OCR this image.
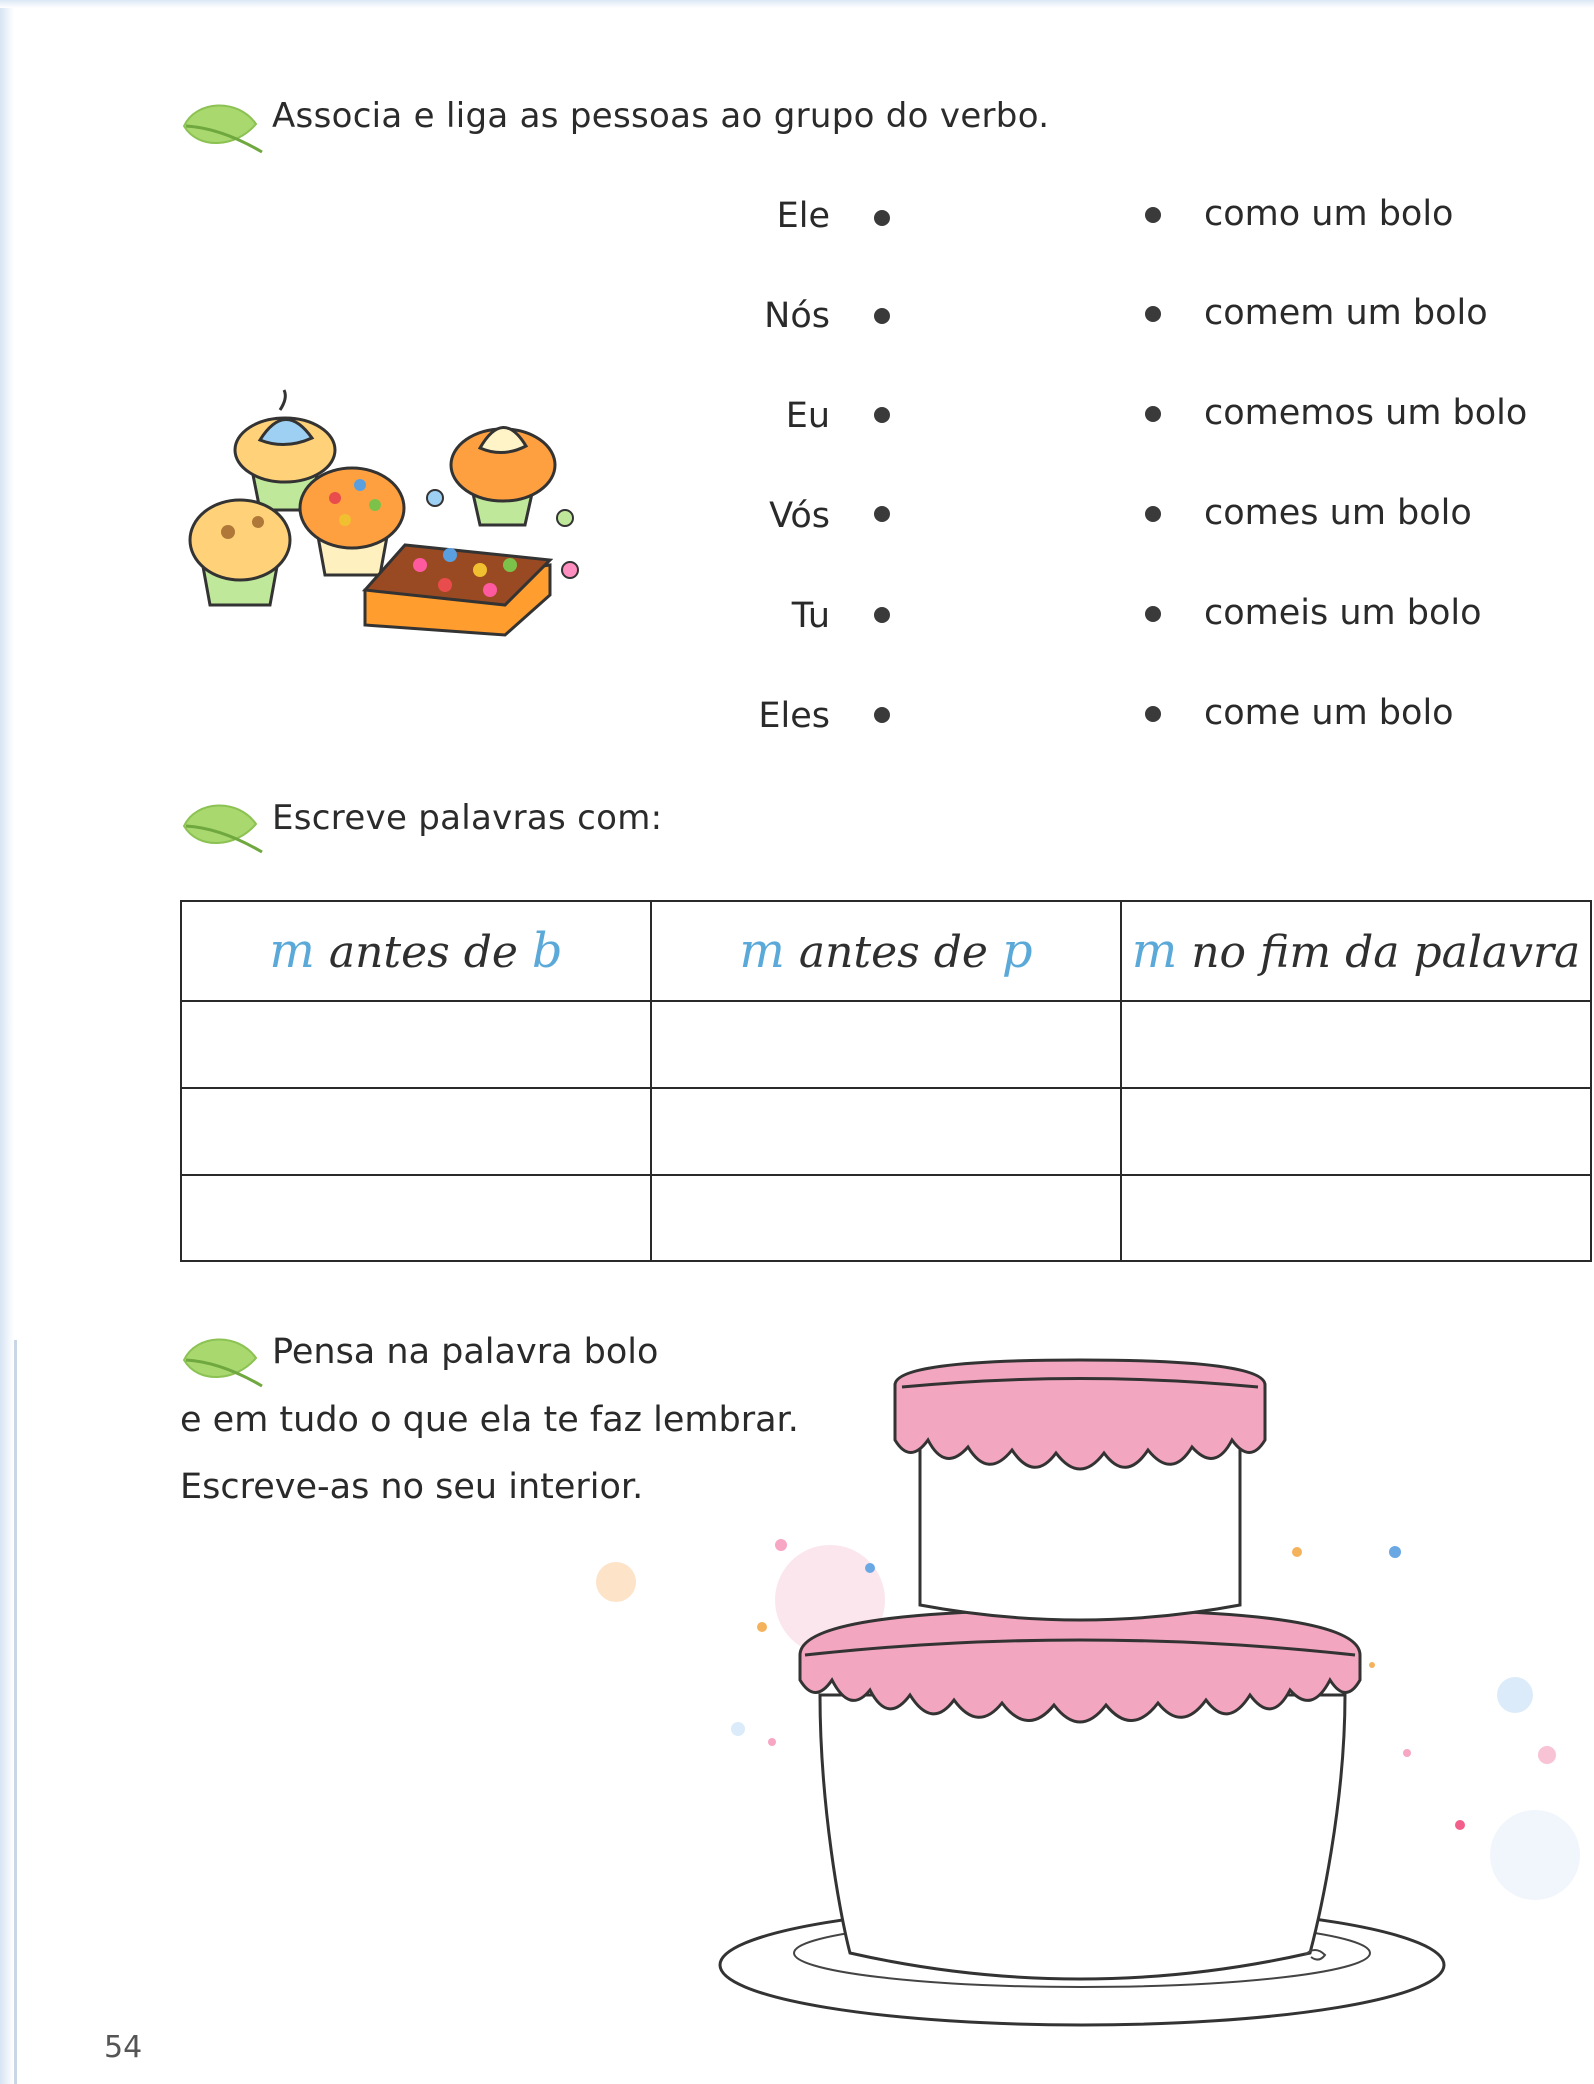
Associa e liga as pessoas ao grupo do verbo.
Ele
Nós
Eu
Vós
Tu
Eles
como um bolo
comem um bolo
comemos um bolo
comes um bolo
comeis um bolo
come um bolo
Escreve palavras com:
m antes de b	m antes de p	m no fim da palavra

Pensa na palavra bolo
e em tudo o que ela te faz lembrar.
Escreve-as no seu interior.
54
